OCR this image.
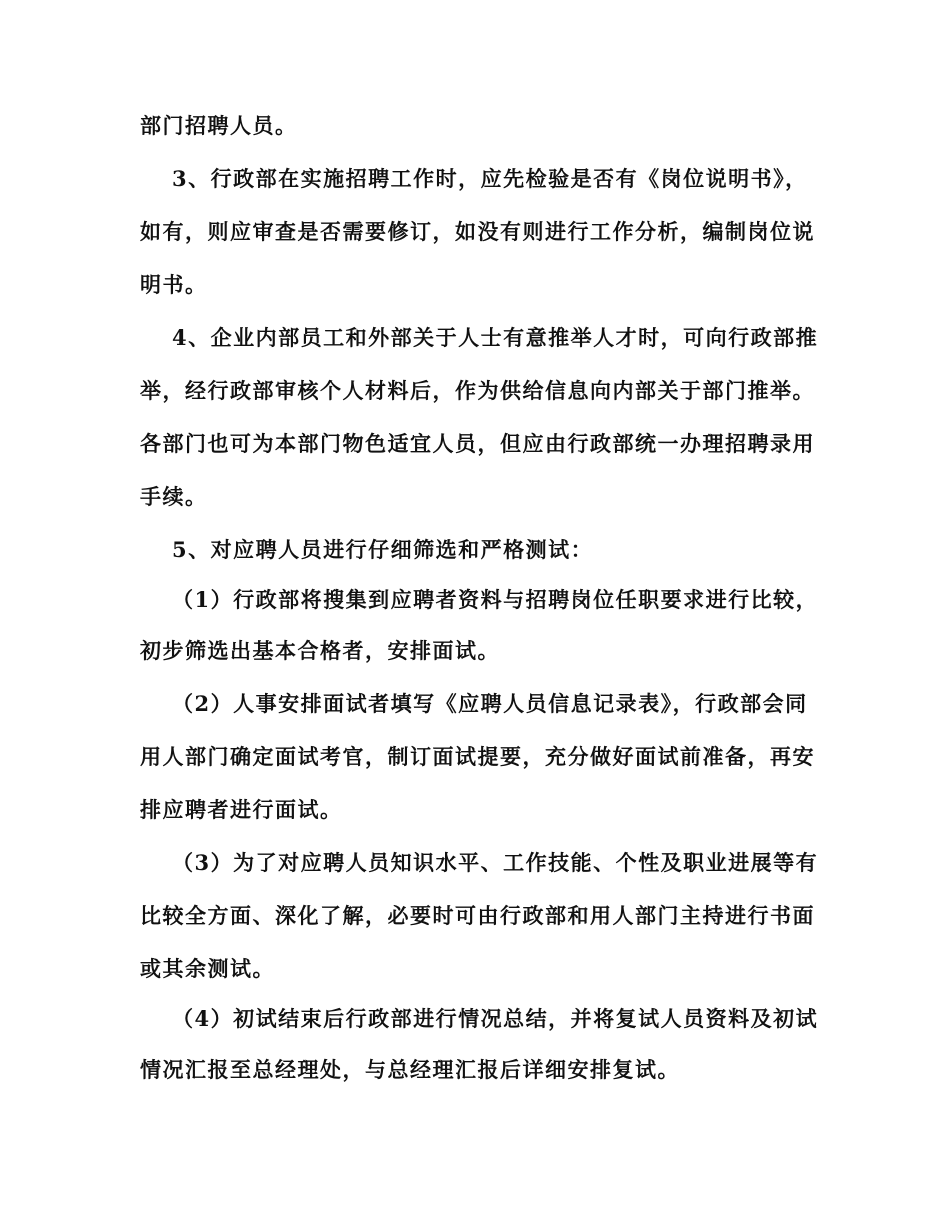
部门招聘人员。
3、行政部在实施招聘工作时，应先检验是否有《岗位说明书》，
如有，则应审查是否需要修订，如没有则进行工作分析，编制岗位说
明书。
4、企业内部员工和外部关于人士有意推举人才时，可向行政部推
举，经行政部审核个人材料后，作为供给信息向内部关于部门推举。
各部门也可为本部门物色适宜人员，但应由行政部统一办理招聘录用
手续。
5、对应聘人员进行仔细筛选和严格测试：
（1）行政部将搜集到应聘者资料与招聘岗位任职要求进行比较，
初步筛选出基本合格者，安排面试。
（2）人事安排面试者填写《应聘人员信息记录表》，行政部会同
用人部门确定面试考官，制订面试提要，充分做好面试前准备，再安
排应聘者进行面试。
（3）为了对应聘人员知识水平、工作技能、个性及职业进展等有
比较全方面、深化了解，必要时可由行政部和用人部门主持进行书面
或其余测试。
（4）初试结束后行政部进行情况总结，并将复试人员资料及初试
情况汇报至总经理处，与总经理汇报后详细安排复试。
